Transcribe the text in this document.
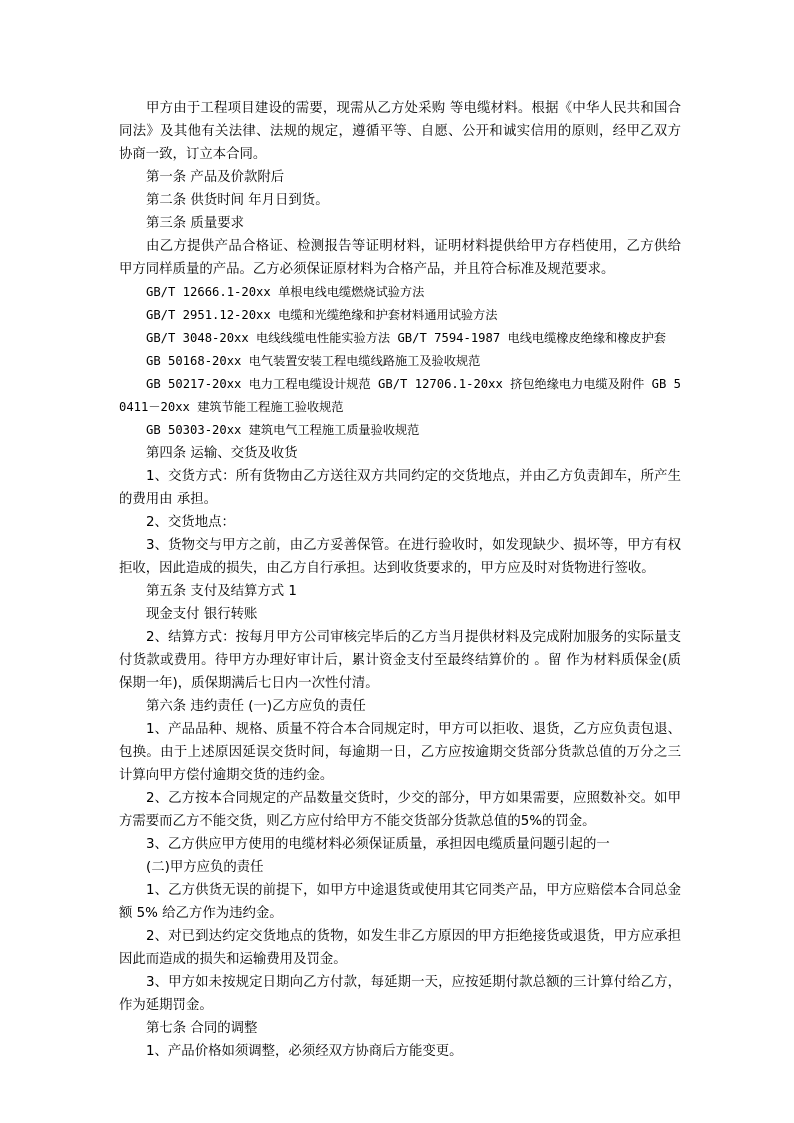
甲方由于工程项目建设的需要，现需从乙方处采购 等电缆材料。根据《中华人民共和国合同法》及其他有关法律、法规的规定，遵循平等、自愿、公开和诚实信用的原则，经甲乙双方协商一致，订立本合同。

第一条 产品及价款附后

第二条 供货时间 年月日到货。

第三条 质量要求

由乙方提供产品合格证、检测报告等证明材料，证明材料提供给甲方存档使用，乙方供给甲方同样质量的产品。乙方必须保证原材料为合格产品，并且符合标准及规范要求。

GB/T 12666.1-20xx 单根电线电缆燃烧试验方法

GB/T 2951.12-20xx 电缆和光缆绝缘和护套材料通用试验方法

GB/T 3048-20xx 电线线缆电性能实验方法 GB/T 7594-1987 电线电缆橡皮绝缘和橡皮护套

GB 50168-20xx 电气装置安装工程电缆线路施工及验收规范

GB 50217-20xx 电力工程电缆设计规范 GB/T 12706.1-20xx 挤包绝缘电力电缆及附件 GB 50411－20xx 建筑节能工程施工验收规范

GB 50303-20xx 建筑电气工程施工质量验收规范

第四条 运输、交货及收货

1、交货方式：所有货物由乙方送往双方共同约定的交货地点，并由乙方负责卸车，所产生的费用由 承担。

2、交货地点：

3、货物交与甲方之前，由乙方妥善保管。在进行验收时，如发现缺少、损坏等，甲方有权拒收，因此造成的损失，由乙方自行承担。达到收货要求的，甲方应及时对货物进行签收。

第五条 支付及结算方式 1

现金支付 银行转账

2、结算方式：按每月甲方公司审核完毕后的乙方当月提供材料及完成附加服务的实际量支付货款或费用。待甲方办理好审计后，累计资金支付至最终结算价的 。留 作为材料质保金(质保期一年)，质保期满后七日内一次性付清。

第六条 违约责任 (一)乙方应负的责任

1、产品品种、规格、质量不符合本合同规定时，甲方可以拒收、退货，乙方应负责包退、包换。由于上述原因延误交货时间，每逾期一日，乙方应按逾期交货部分货款总值的万分之三计算向甲方偿付逾期交货的违约金。

2、乙方按本合同规定的产品数量交货时，少交的部分，甲方如果需要，应照数补交。如甲方需要而乙方不能交货，则乙方应付给甲方不能交货部分货款总值的5%的罚金。

3、乙方供应甲方使用的电缆材料必须保证质量，承担因电缆质量问题引起的一

(二)甲方应负的责任

1、乙方供货无误的前提下，如甲方中途退货或使用其它同类产品，甲方应赔偿本合同总金额 5% 给乙方作为违约金。

2、对已到达约定交货地点的货物，如发生非乙方原因的甲方拒绝接货或退货，甲方应承担因此而造成的损失和运输费用及罚金。

3、甲方如未按规定日期向乙方付款，每延期一天，应按延期付款总额的三计算付给乙方，作为延期罚金。

第七条 合同的调整

1、产品价格如须调整，必须经双方协商后方能变更。
